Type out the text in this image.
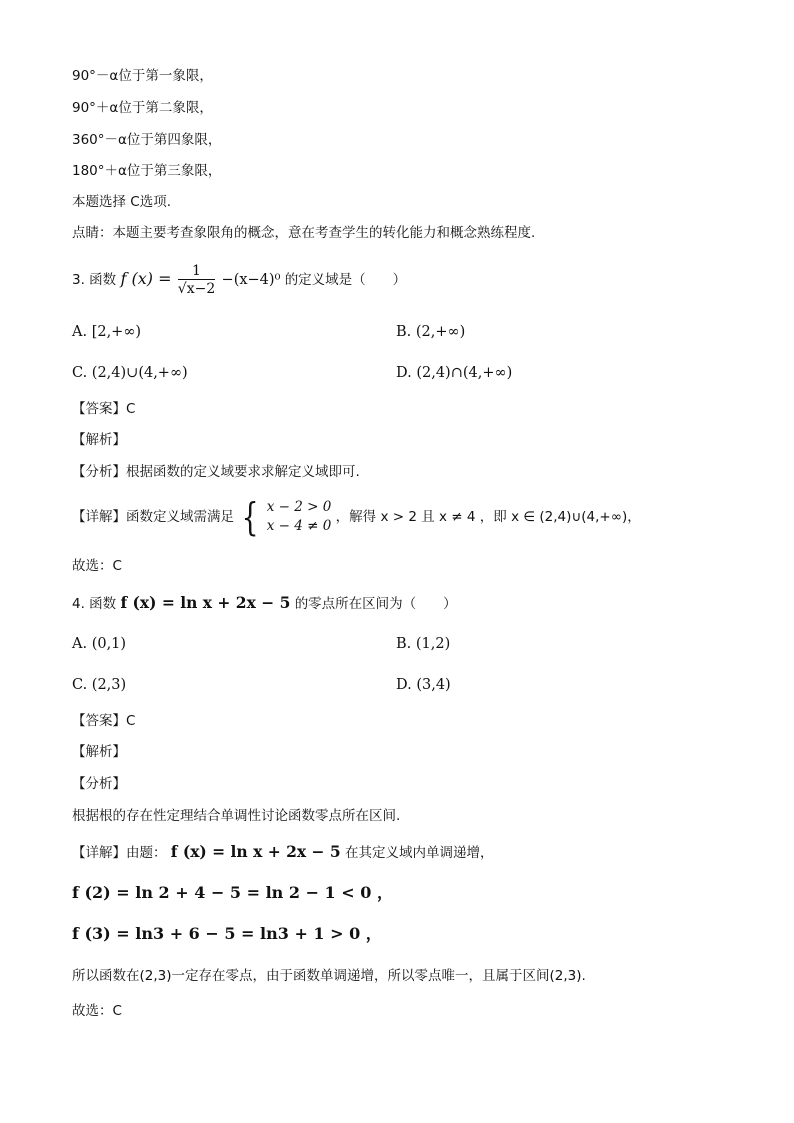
90°－α位于第一象限，
90°＋α位于第二象限，
360°－α位于第四象限，
180°＋α位于第三象限，
本题选择 C选项.
点睛：本题主要考查象限角的概念，意在考查学生的转化能力和概念熟练程度.
3. 函数 f $(x) = \frac{1}{√x-2} -(x-4)^0$ 的定义域是（　　）
A. [2,+∞)	B. (2,+∞)
C. (2,4)∪(4,+∞)	D. (2,4)∩(4,+∞)
【答案】C
【解析】
【分析】根据函数的定义域要求求解定义域即可.
【详解】函数定义域需满足 { x − 2 > 0
x − 4 ≠ 0
，解得 x > 2 且 x ≠ 4 ，即 x ∈ (2,4)∪(4,+∞)，
故选：C
4. 函数 f (x) = ln x + 2x − 5 的零点所在区间为（　　）
A. (0,1)	B. (1,2)
C. (2,3)	D. (3,4)
【答案】C
【解析】
【分析】
根据根的存在性定理结合单调性讨论函数零点所在区间.
【详解】由题： f (x) = ln x + 2x − 5 在其定义域内单调递增，
f (2) = ln 2 + 4 − 5 = ln 2 − 1 < 0 ，
f (3) = ln3 + 6 − 5 = ln3 + 1 > 0 ，
所以函数在(2,3)一定存在零点，由于函数单调递增，所以零点唯一，且属于区间(2,3).
故选：C
